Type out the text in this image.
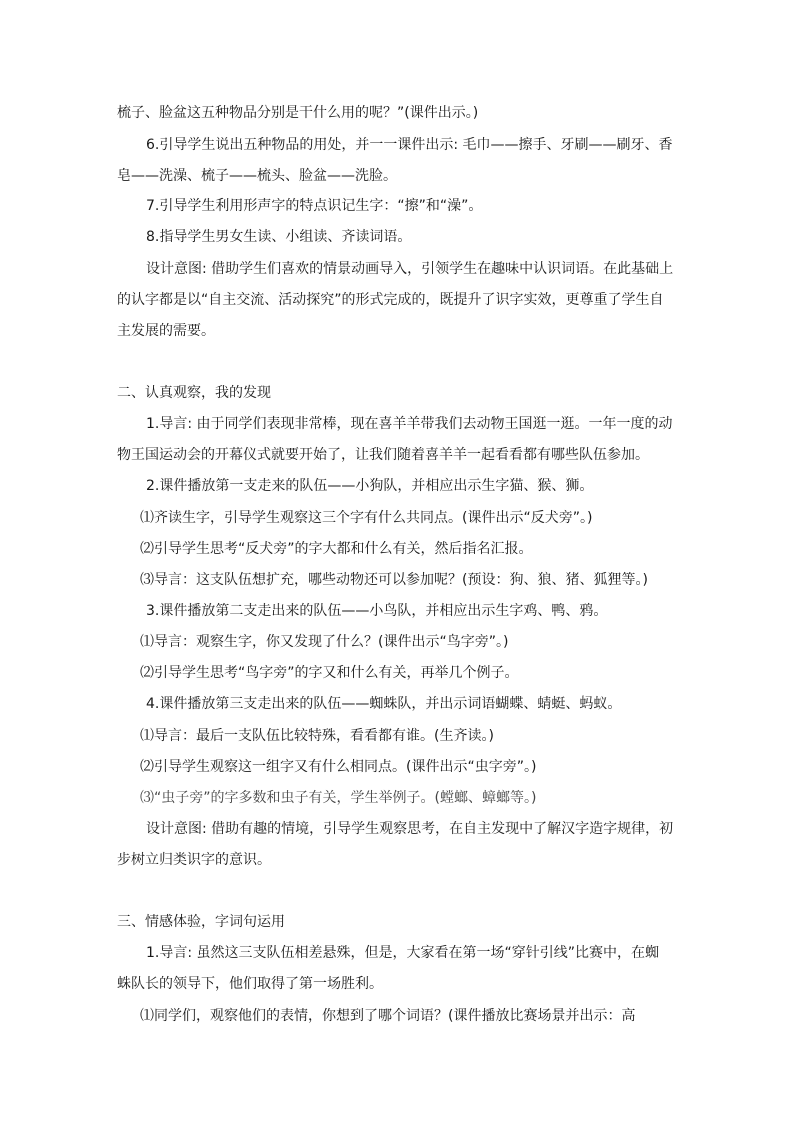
梳子、脸盆这五种物品分别是干什么用的呢？”(课件出示。)
6.引导学生说出五种物品的用处，并一一课件出示: 毛巾——擦手、牙刷——刷牙、香
皂——洗澡、梳子——梳头、脸盆——洗脸。
7.引导学生利用形声字的特点识记生字：“擦”和“澡”。
8.指导学生男女生读、小组读、齐读词语。
设计意图: 借助学生们喜欢的情景动画导入，引领学生在趣味中认识词语。在此基础上
的认字都是以“自主交流、活动探究”的形式完成的，既提升了识字实效，更尊重了学生自
主发展的需要。
二、认真观察，我的发现
1.导言: 由于同学们表现非常棒，现在喜羊羊带我们去动物王国逛一逛。一年一度的动
物王国运动会的开幕仪式就要开始了，让我们随着喜羊羊一起看看都有哪些队伍参加。
2.课件播放第一支走来的队伍——小狗队，并相应出示生字猫、猴、狮。
⑴齐读生字，引导学生观察这三个字有什么共同点。(课件出示“反犬旁”。)
⑵引导学生思考“反犬旁”的字大都和什么有关，然后指名汇报。
⑶导言：这支队伍想扩充，哪些动物还可以参加呢？(预设：狗、狼、猪、狐狸等。)
3.课件播放第二支走出来的队伍——小鸟队，并相应出示生字鸡、鸭、鸦。
⑴导言：观察生字，你又发现了什么？(课件出示“鸟字旁”。)
⑵引导学生思考“鸟字旁”的字又和什么有关，再举几个例子。
4.课件播放第三支走出来的队伍——蜘蛛队，并出示词语蝴蝶、蜻蜓、蚂蚁。
⑴导言：最后一支队伍比较特殊，看看都有谁。(生齐读。)
⑵引导学生观察这一组字又有什么相同点。(课件出示“虫字旁”。)
⑶“虫子旁”的字多数和虫子有关，学生举例子。(螳螂、蟑螂等。)
设计意图: 借助有趣的情境，引导学生观察思考，在自主发现中了解汉字造字规律，初
步树立归类识字的意识。
三、情感体验，字词句运用
1.导言: 虽然这三支队伍相差悬殊，但是，大家看在第一场“穿针引线”比赛中，在蜘
蛛队长的领导下，他们取得了第一场胜利。
⑴同学们，观察他们的表情，你想到了哪个词语？(课件播放比赛场景并出示：高
